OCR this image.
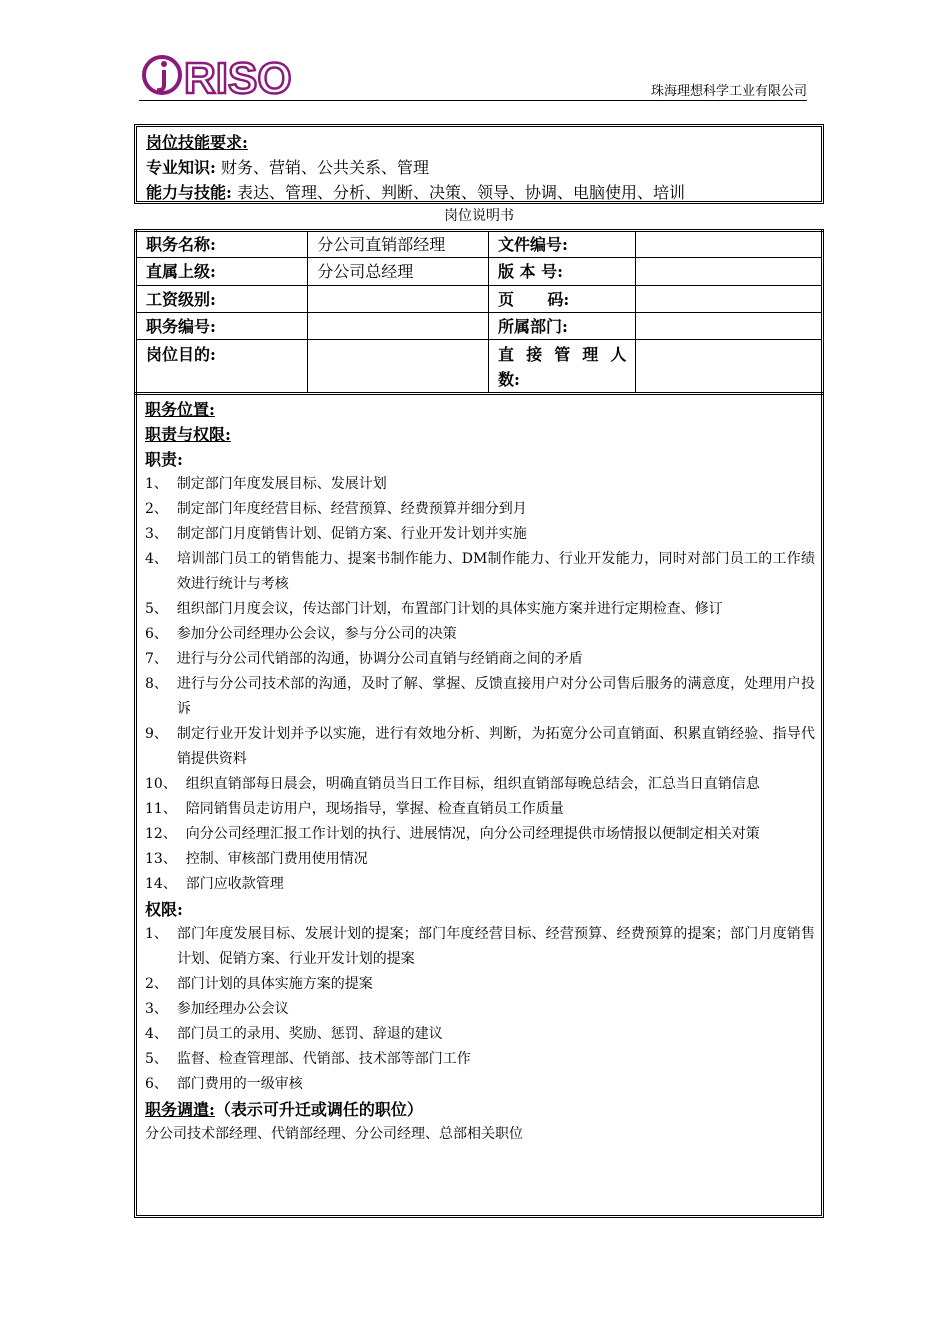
RISO	珠海理想科学工业有限公司
岗位技能要求:
专业知识: 财务、营销、公共关系、管理
能力与技能: 表达、管理、分析、判断、决策、领导、协调、电脑使用、培训
岗位说明书
职务名称:	分公司直销部经理	文件编号:	
直属上级:	分公司总经理	版 本 号:	
工资级别:		页      码:	
职务编号:		所属部门:	
岗位目的:		直 接 管 理 人
数:	

职务位置:
职责与权限:
职责:
1、 制定部门年度发展目标、发展计划
2、 制定部门年度经营目标、经营预算、经费预算并细分到月
3、 制定部门月度销售计划、促销方案、行业开发计划并实施
4、 培训部门员工的销售能力、提案书制作能力、DM制作能力、行业开发能力，同时对部门员工的工作绩效进行统计与考核
5、 组织部门月度会议，传达部门计划，布置部门计划的具体实施方案并进行定期检查、修订
6、 参加分公司经理办公会议，参与分公司的决策
7、 进行与分公司代销部的沟通，协调分公司直销与经销商之间的矛盾
8、 进行与分公司技术部的沟通，及时了解、掌握、反馈直接用户对分公司售后服务的满意度，处理用户投诉
9、 制定行业开发计划并予以实施，进行有效地分析、判断，为拓宽分公司直销面、积累直销经验、指导代销提供资料
10、 组织直销部每日晨会，明确直销员当日工作目标，组织直销部每晚总结会，汇总当日直销信息
11、 陪同销售员走访用户，现场指导，掌握、检查直销员工作质量
12、 向分公司经理汇报工作计划的执行、进展情况，向分公司经理提供市场情报以便制定相关对策
13、 控制、审核部门费用使用情况
14、 部门应收款管理
权限:
1、 部门年度发展目标、发展计划的提案；部门年度经营目标、经营预算、经费预算的提案；部门月度销售计划、促销方案、行业开发计划的提案
2、 部门计划的具体实施方案的提案
3、 参加经理办公会议
4、 部门员工的录用、奖励、惩罚、辞退的建议
5、 监督、检查管理部、代销部、技术部等部门工作
6、 部门费用的一级审核
职务调遣:（表示可升迁或调任的职位）
分公司技术部经理、代销部经理、分公司经理、总部相关职位
